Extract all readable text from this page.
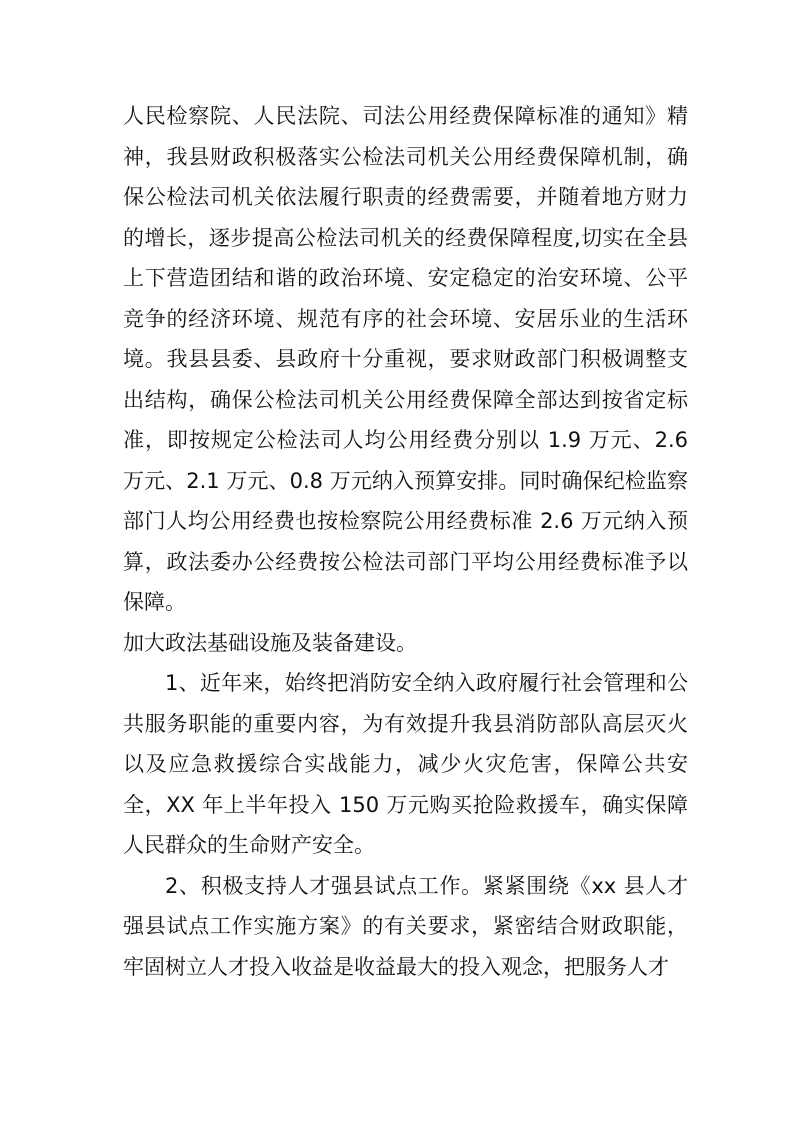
人民检察院、人民法院、司法公用经费保障标准的通知》精神，我县财政积极落实公检法司机关公用经费保障机制，确保公检法司机关依法履行职责的经费需要，并随着地方财力的增长，逐步提高公检法司机关的经费保障程度,切实在全县上下营造团结和谐的政治环境、安定稳定的治安环境、公平竞争的经济环境、规范有序的社会环境、安居乐业的生活环境。我县县委、县政府十分重视，要求财政部门积极调整支出结构，确保公检法司机关公用经费保障全部达到按省定标准，即按规定公检法司人均公用经费分别以 1.9 万元、2.6 万元、2.1 万元、0.8 万元纳入预算安排。同时确保纪检监察部门人均公用经费也按检察院公用经费标准 2.6 万元纳入预算，政法委办公经费按公检法司部门平均公用经费标准予以保障。

加大政法基础设施及装备建设。

1、近年来，始终把消防安全纳入政府履行社会管理和公共服务职能的重要内容，为有效提升我县消防部队高层灭火以及应急救援综合实战能力，减少火灾危害，保障公共安全，XX 年上半年投入 150 万元购买抢险救援车，确实保障人民群众的生命财产安全。

2、积极支持人才强县试点工作。紧紧围绕《xx 县人才强县试点工作实施方案》的有关要求，紧密结合财政职能，牢固树立人才投入收益是收益最大的投入观念，把服务人才
